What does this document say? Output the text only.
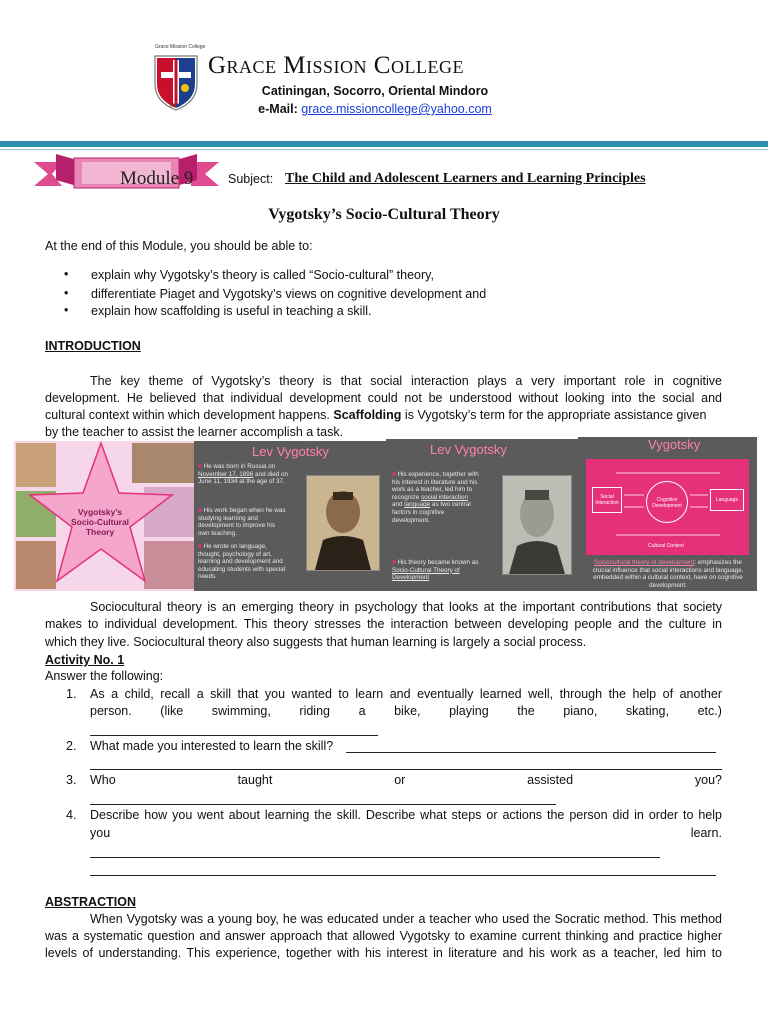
1976
Grace Mission College
Grace Mission College
Catiningan, Socorro, Oriental Mindoro
e-Mail: grace.missioncollege@yahoo.com
Module 9	Subject: The Child and Adolescent Learners and Learning Principles
Vygotsky’s Socio-Cultural Theory
At the end of this Module, you should be able to:
• explain why Vygotsky’s theory is called “Socio-cultural” theory,
• differentiate Piaget and Vygotsky’s views on cognitive development and
• explain how scaffolding is useful in teaching a skill.
INTRODUCTION
The key theme of Vygotsky’s theory is that social interaction plays a very important role in cognitive
development. He believed that individual development could not be understood without looking into the social and
cultural context within which development happens. Scaffolding is Vygotsky’s term for the appropriate assistance given
by the teacher to assist the learner accomplish a task.
Vygotsky’s Socio-Cultural Theory
Lev Vygotsky
■ He was born in Russia on November 17, 1896 and died on June 11, 1934 at the age of 37.
■ His work began when he was studying learning and development to improve his own teaching.
■ He wrote on language, thought, psychology of art, learning and development and educating students with special needs.
Lev Vygotsky
■ His experience, together with his interest in literature and his work as a teacher, led him to recognize social interaction and language as two central factors in cognitive development.
■ His theory became known as Socio-Cultural Theory of Development
Vygotsky
Social Interaction	Cognitive Development
Language
Cultural Context
Sociocultural theory of development: emphasizes the crucial influence that social interactions and language, embedded within a cultural context, have on cognitive development.
Sociocultural theory is an emerging theory in psychology that looks at the important contributions that society
makes to individual development. This theory stresses the interaction between developing people and the culture in
which they live. Sociocultural theory also suggests that human learning is largely a social process.
Activity No. 1
Answer the following:
1. As a child, recall a skill that you wanted to learn and eventually learned well, through the help of another
person. (like swimming, riding a bike, playing the piano, skating, etc.)
2. What made you interested to learn the skill?
3. Who	taught	or	assisted	you?
4. Describe how you went about learning the skill. Describe what steps or actions the person did in order to help
you	learn.
ABSTRACTION
When Vygotsky was a young boy, he was educated under a teacher who used the Socratic method. This method
was a systematic question and answer approach that allowed Vygotsky to examine current thinking and practice higher
levels of understanding. This experience, together with his interest in literature and his work as a teacher, led him to
